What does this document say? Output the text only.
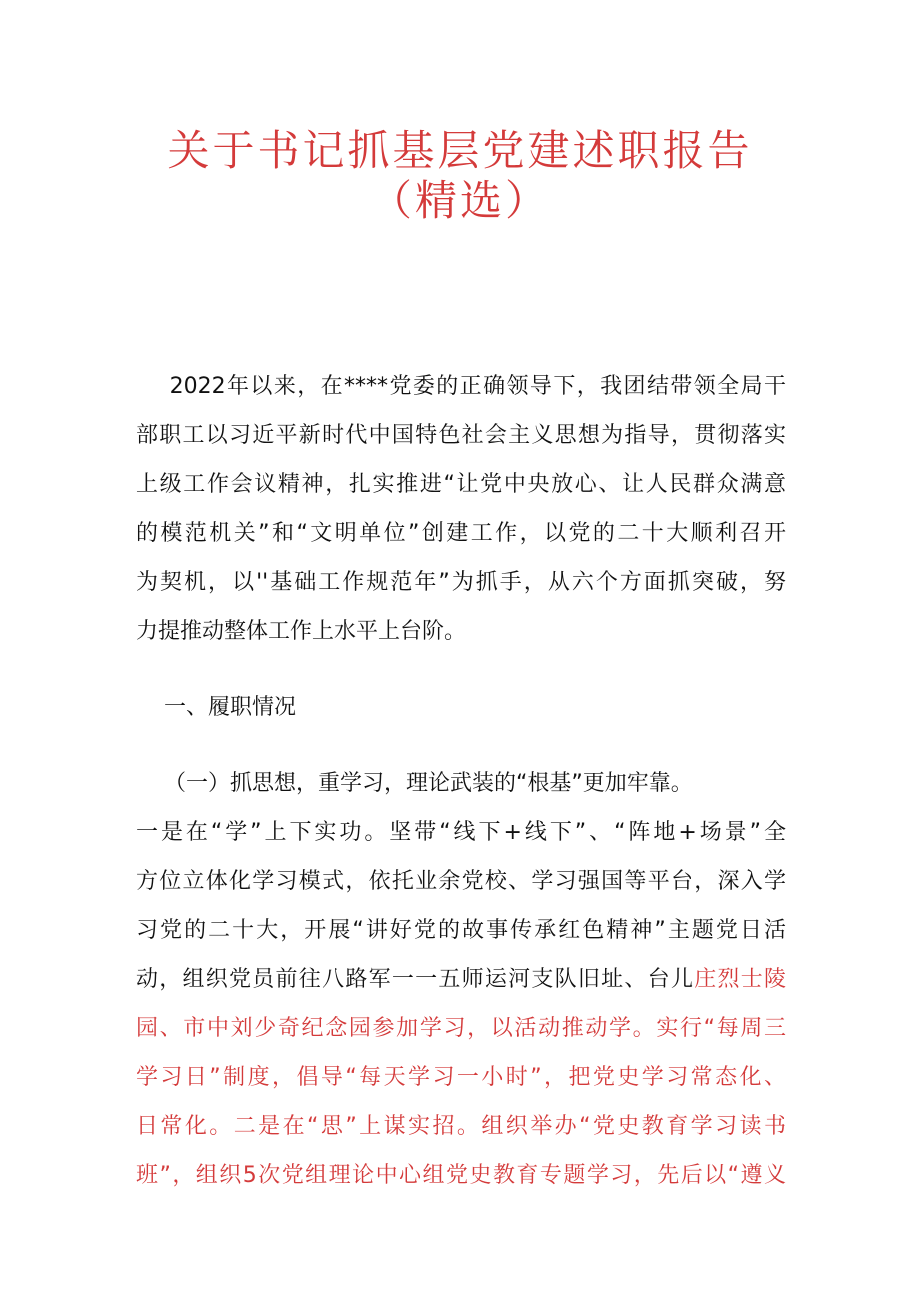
关于书记抓基层党建述职报告
（精选）
2022年以来，在****党委的正确领导下，我团结带领全局干
部职工以习近平新时代中国特色社会主义思想为指导，贯彻落实
上级工作会议精神，扎实推进“让党中央放心、让人民群众满意
的模范机关”和“文明单位”创建工作，以党的二十大顺利召开
为契机，以''基础工作规范年”为抓手，从六个方面抓突破，努
力提推动整体工作上水平上台阶。
一、履职情况
（一）抓思想，重学习，理论武装的“根基”更加牢靠。
一是在“学”上下实功。坚带“线下+线下”、“阵地+场景”全
方位立体化学习模式，依托业余党校、学习强国等平台，深入学
习党的二十大，开展“讲好党的故事传承红色精神”主题党日活
动，组织党员前往八路军一一五师运河支队旧址、台儿庄烈士陵
园、市中刘少奇纪念园参加学习，以活动推动学。实行“每周三
学习日”制度，倡导“每天学习一小时”，把党史学习常态化、
日常化。二是在“思”上谋实招。组织举办“党史教育学习读书
班”，组织5次党组理论中心组党史教育专题学习，先后以“遵义
